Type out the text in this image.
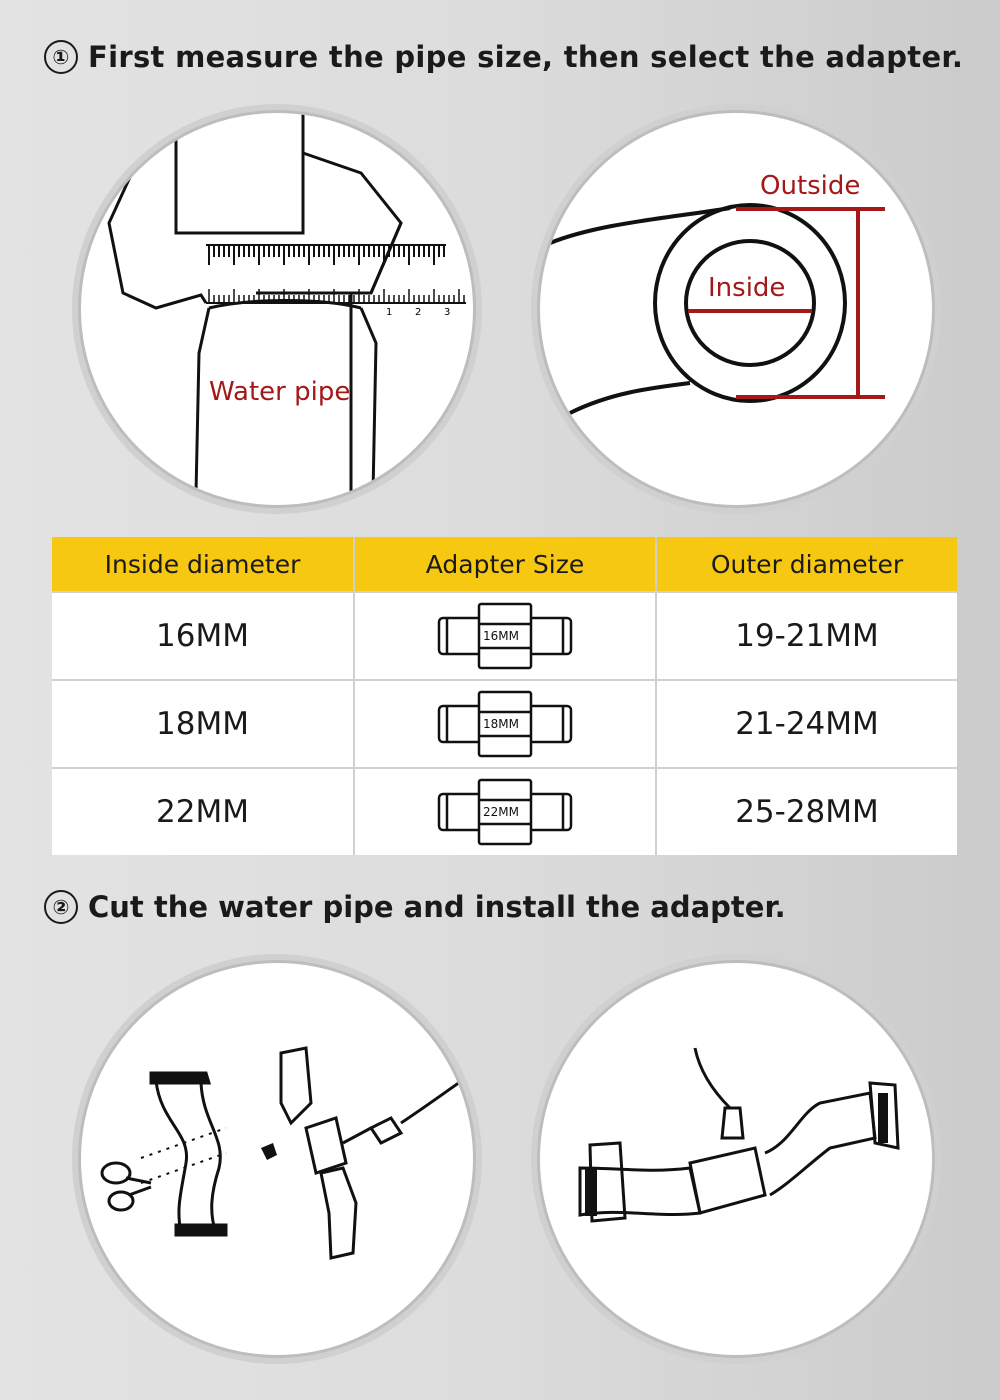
① First measure the pipe size, then select the adapter.
1 2 3
Water pipe
Outside
Inside
Inside diameter	Adapter Size	Outer diameter
16MM	16MM	19-21MM
18MM	18MM	21-24MM
22MM	22MM	25-28MM
② Cut the water pipe and install the adapter.
